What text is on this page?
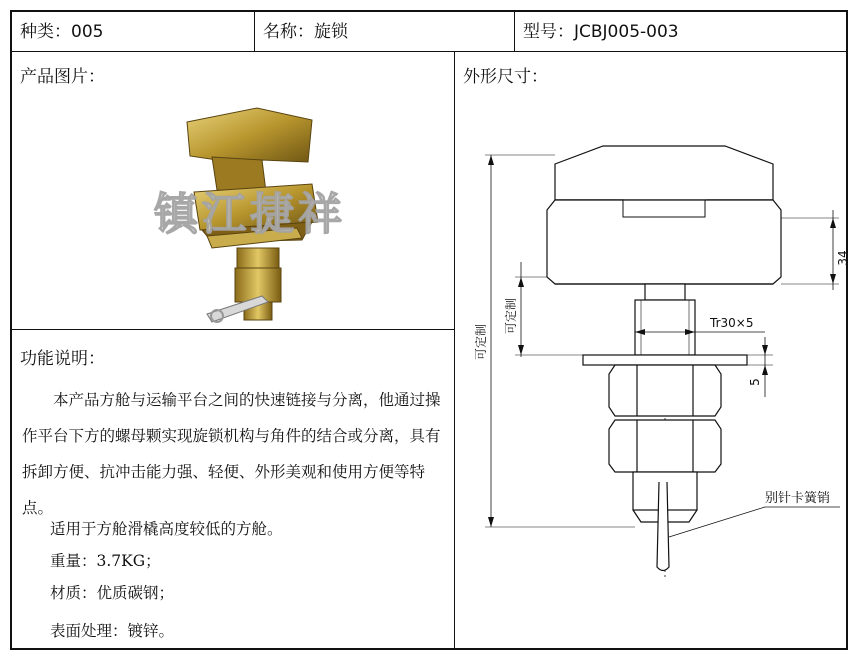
种类：005	名称：旋锁	型号：JCBJ005-003
产品图片：
镇江捷祥
功能说明：

本产品方舱与运输平台之间的快速链接与分离，他通过操作平台下方的螺母颗实现旋锁机构与角件的结合或分离，具有拆卸方便、抗冲击能力强、轻便、外形美观和使用方便等特点。

适用于方舱滑橇高度较低的方舱。
重量：3.7KG；
材质：优质碳钢；
表面处理：镀锌。
外形尺寸：
34
5
Tr30×5
可定制
可定制
别针卡簧销
